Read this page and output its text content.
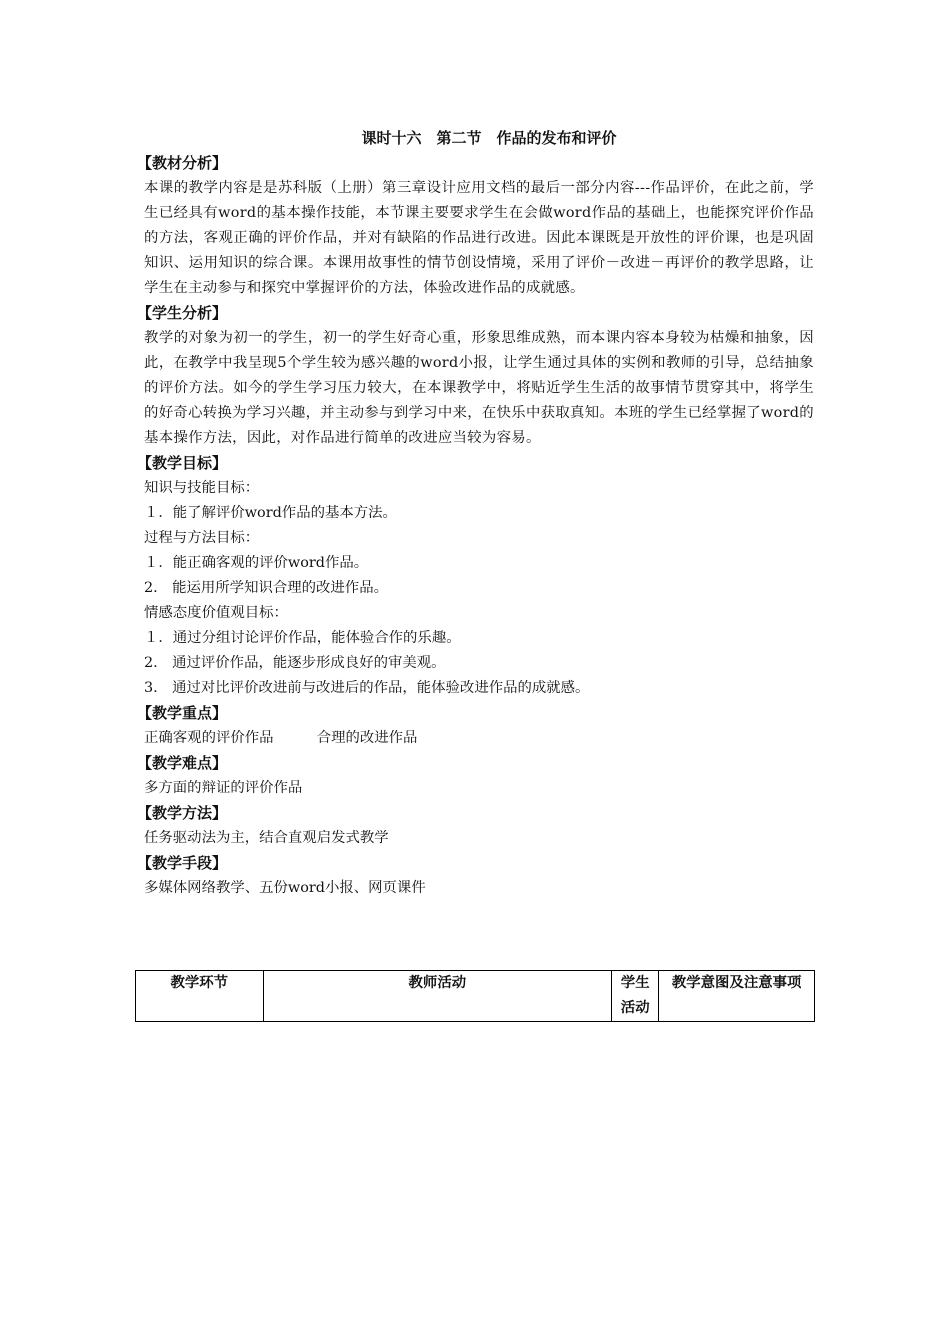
课时十六　第二节　作品的发布和评价
【教材分析】
本课的教学内容是是苏科版（上册）第三章设计应用文档的最后一部分内容---作品评价，在此之前，学生已经具有word的基本操作技能，本节课主要要求学生在会做word作品的基础上，也能探究评价作品的方法，客观正确的评价作品，并对有缺陷的作品进行改进。因此本课既是开放性的评价课，也是巩固知识、运用知识的综合课。本课用故事性的情节创设情境，采用了评价－改进－再评价的教学思路，让学生在主动参与和探究中掌握评价的方法，体验改进作品的成就感。
【学生分析】
教学的对象为初一的学生，初一的学生好奇心重，形象思维成熟，而本课内容本身较为枯燥和抽象，因此，在教学中我呈现5个学生较为感兴趣的word小报，让学生通过具体的实例和教师的引导，总结抽象的评价方法。如今的学生学习压力较大，在本课教学中，将贴近学生生活的故事情节贯穿其中，将学生的好奇心转换为学习兴趣，并主动参与到学习中来，在快乐中获取真知。本班的学生已经掌握了word的基本操作方法，因此，对作品进行简单的改进应当较为容易。
【教学目标】
知识与技能目标：
１．能了解评价word作品的基本方法。
过程与方法目标：
１．能正确客观的评价word作品。
2.　能运用所学知识合理的改进作品。
情感态度价值观目标：
１．通过分组讨论评价作品，能体验合作的乐趣。
2.　通过评价作品，能逐步形成良好的审美观。
3.　通过对比评价改进前与改进后的作品，能体验改进作品的成就感。
【教学重点】
正确客观的评价作品　　　合理的改进作品
【教学难点】
多方面的辩证的评价作品
【教学方法】
任务驱动法为主，结合直观启发式教学
【教学手段】
多媒体网络教学、五份word小报、网页课件
教学环节	教师活动	学生活动	教学意图及注意事项
